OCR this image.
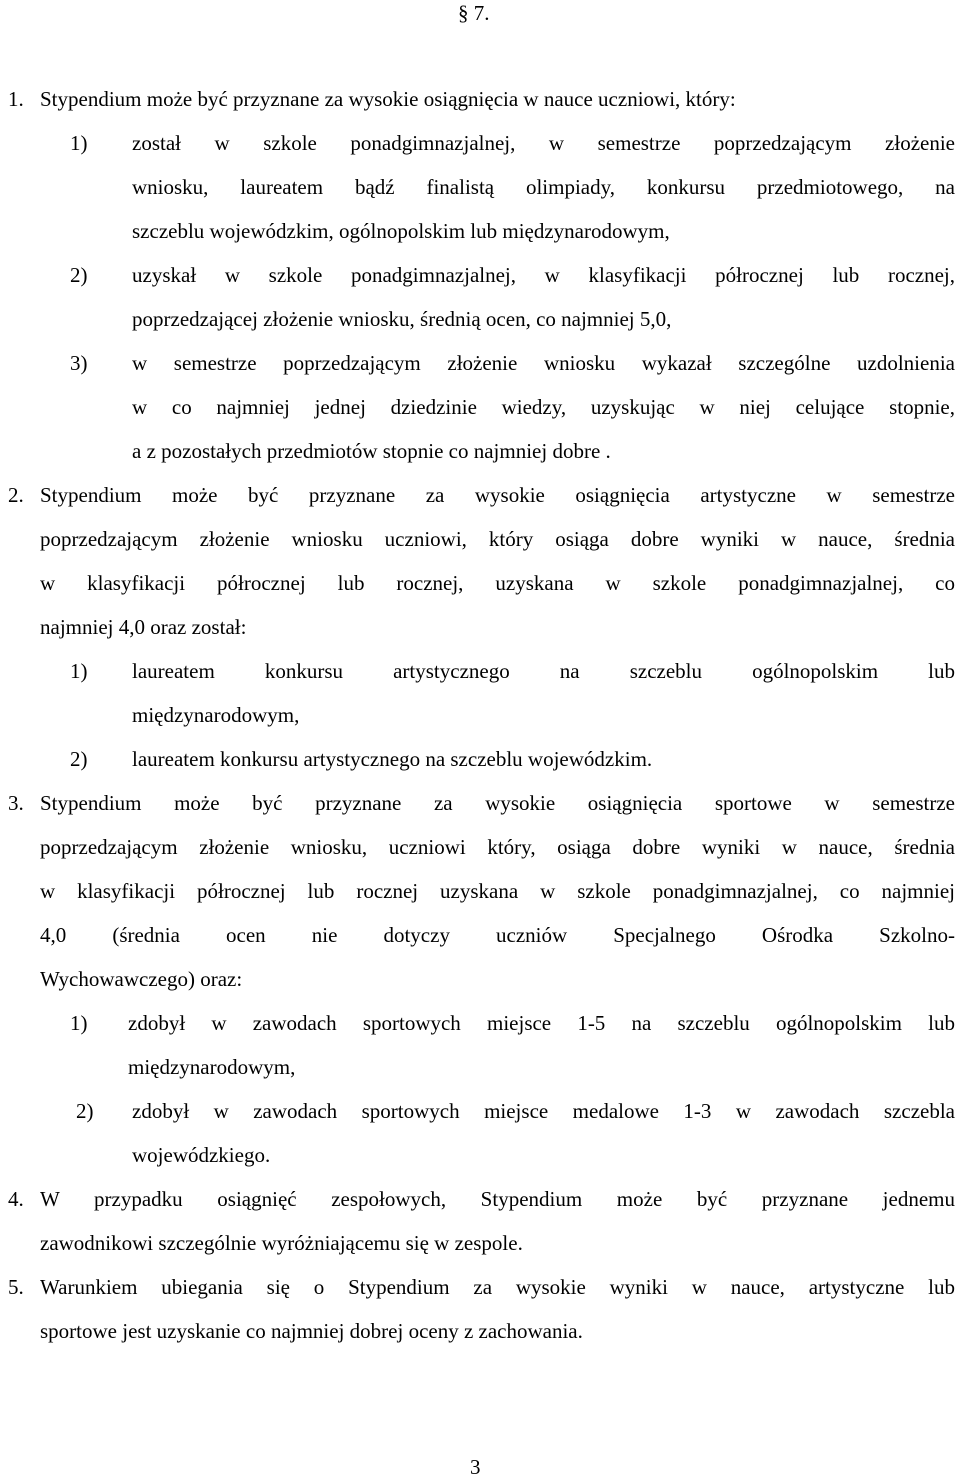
§ 7.
1. Stypendium może być przyznane za wysokie osiągnięcia w nauce uczniowi, który:
1) został w szkole ponadgimnazjalnej, w semestrze poprzedzającym złożenie
wniosku, laureatem bądź finalistą olimpiady, konkursu przedmiotowego, na
szczeblu wojewódzkim, ogólnopolskim lub międzynarodowym,
2) uzyskał w szkole ponadgimnazjalnej, w klasyfikacji półrocznej lub rocznej,
poprzedzającej złożenie wniosku, średnią ocen, co najmniej 5,0,
3) w semestrze poprzedzającym złożenie wniosku wykazał szczególne uzdolnienia
w co najmniej jednej dziedzinie wiedzy, uzyskując w niej celujące stopnie,
a z pozostałych przedmiotów stopnie co najmniej dobre .
2. Stypendium może być przyznane za wysokie osiągnięcia artystyczne w semestrze
poprzedzającym złożenie wniosku uczniowi, który osiąga dobre wyniki w nauce, średnia
w klasyfikacji półrocznej lub rocznej, uzyskana w szkole ponadgimnazjalnej, co
najmniej 4,0 oraz został:
1) laureatem konkursu artystycznego na szczeblu ogólnopolskim lub
międzynarodowym,
2) laureatem konkursu artystycznego na szczeblu wojewódzkim.
3. Stypendium może być przyznane za wysokie osiągnięcia sportowe w semestrze
poprzedzającym złożenie wniosku, uczniowi który, osiąga dobre wyniki w nauce, średnia
w klasyfikacji półrocznej lub rocznej uzyskana w szkole ponadgimnazjalnej, co najmniej
4,0 (średnia ocen nie dotyczy uczniów Specjalnego Ośrodka Szkolno-
Wychowawczego) oraz:
1) zdobył w zawodach sportowych miejsce 1-5 na szczeblu ogólnopolskim lub
międzynarodowym,
2) zdobył w zawodach sportowych miejsce medalowe 1-3 w zawodach szczebla
wojewódzkiego.
4. W przypadku osiągnięć zespołowych, Stypendium może być przyznane jednemu
zawodnikowi szczególnie wyróżniającemu się w zespole.
5. Warunkiem ubiegania się o Stypendium za wysokie wyniki w nauce, artystyczne lub
sportowe jest uzyskanie co najmniej dobrej oceny z zachowania.
3
